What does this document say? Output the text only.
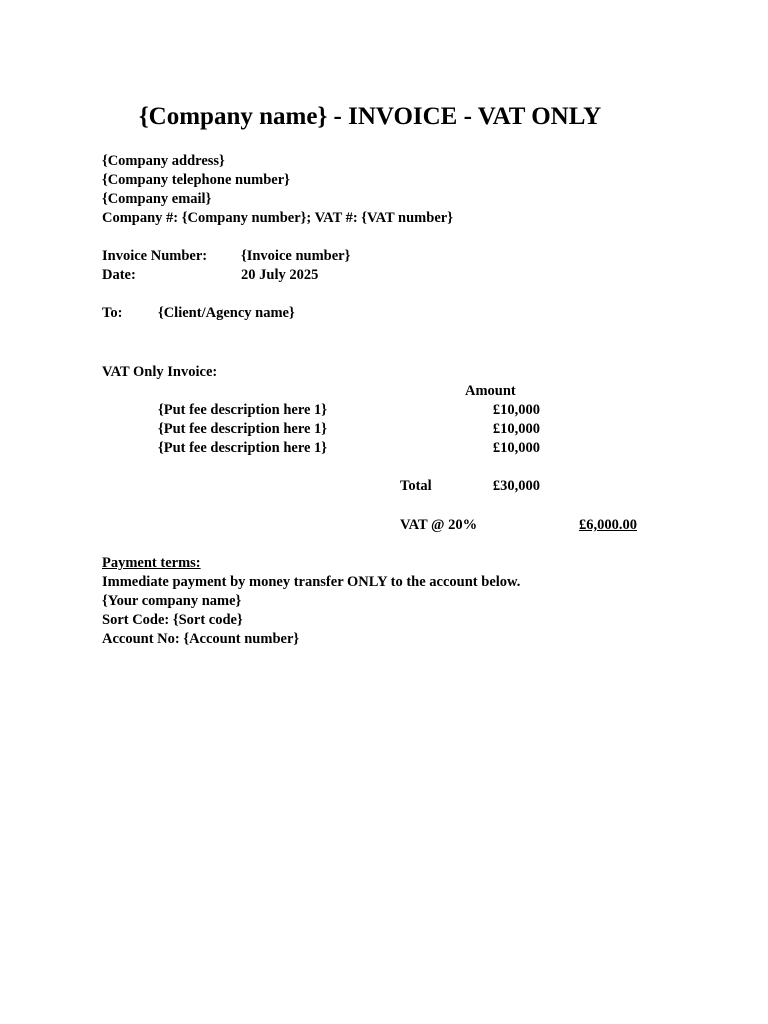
{Company name} - INVOICE - VAT ONLY
{Company address}
{Company telephone number}
{Company email}
Company #: {Company number}; VAT #: {VAT number}
Invoice Number: {Invoice number}
Date:	20 July 2025
To: {Client/Agency name}
VAT Only Invoice:
Amount
{Put fee description here 1}	£10,000
{Put fee description here 1}	£10,000
{Put fee description here 1}	£10,000
Total	£30,000
VAT @ 20%	£6,000.00
Payment terms:
Immediate payment by money transfer ONLY to the account below.
{Your company name}
Sort Code: {Sort code}
Account No: {Account number}
